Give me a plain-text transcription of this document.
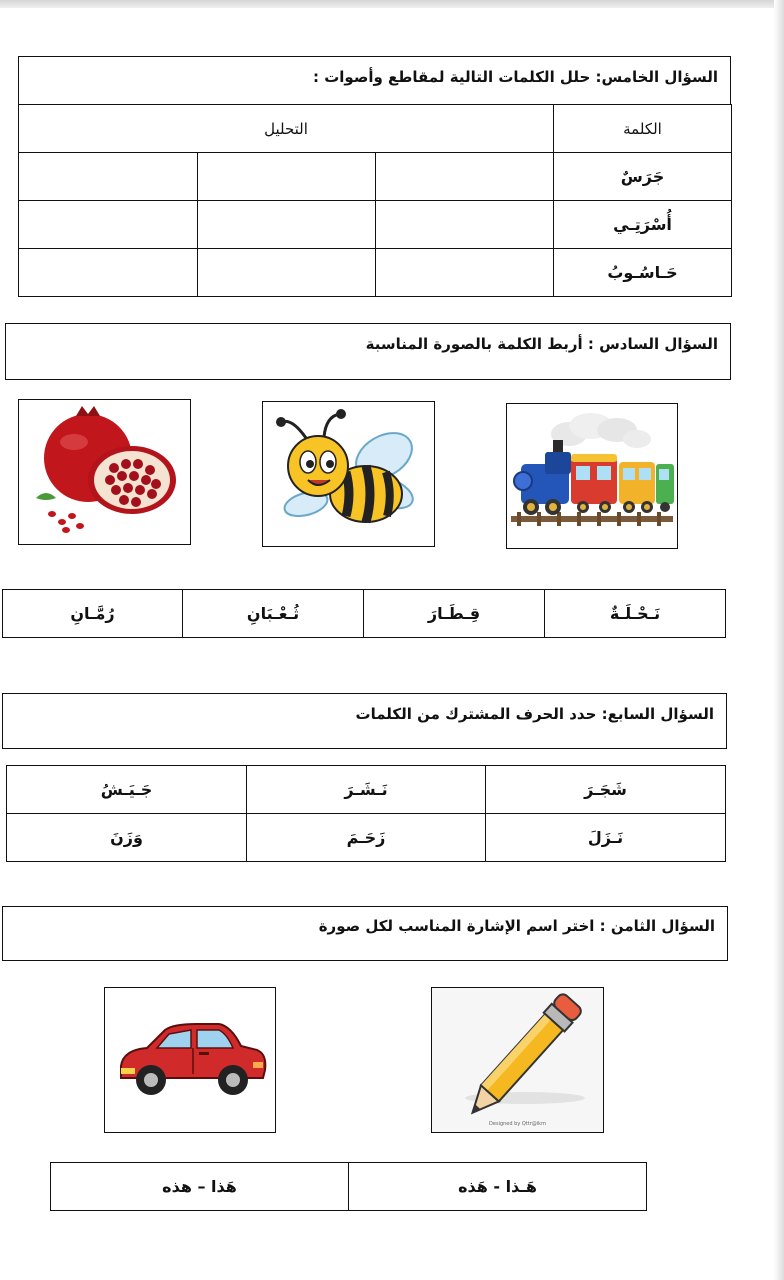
السؤال الخامس: حلل الكلمات التالية لمقاطع وأصوات :
الكلمة	التحليل		
جَرَسٌ			
أُسْرَتِـي			
حَـاسُـوبُ			
السؤال السادس : أربط الكلمة بالصورة المناسبة
نَـحْـلَـةٌ	قِـطَـارَ	ثُـعْـبَانِ	رُمَّـانِ
السؤال السابع: حدد الحرف المشترك من الكلمات
شَجَـرَ	نَـشَـرَ	جَـيَـشُ
نَـزَلَ	زَحَـمَ	وَزَنَ
السؤال الثامن : اختر اسم الإشارة المناسب لكل صورة
Designed by Qttr@ikm
هَـذا - هَذه	هَذا – هذه
